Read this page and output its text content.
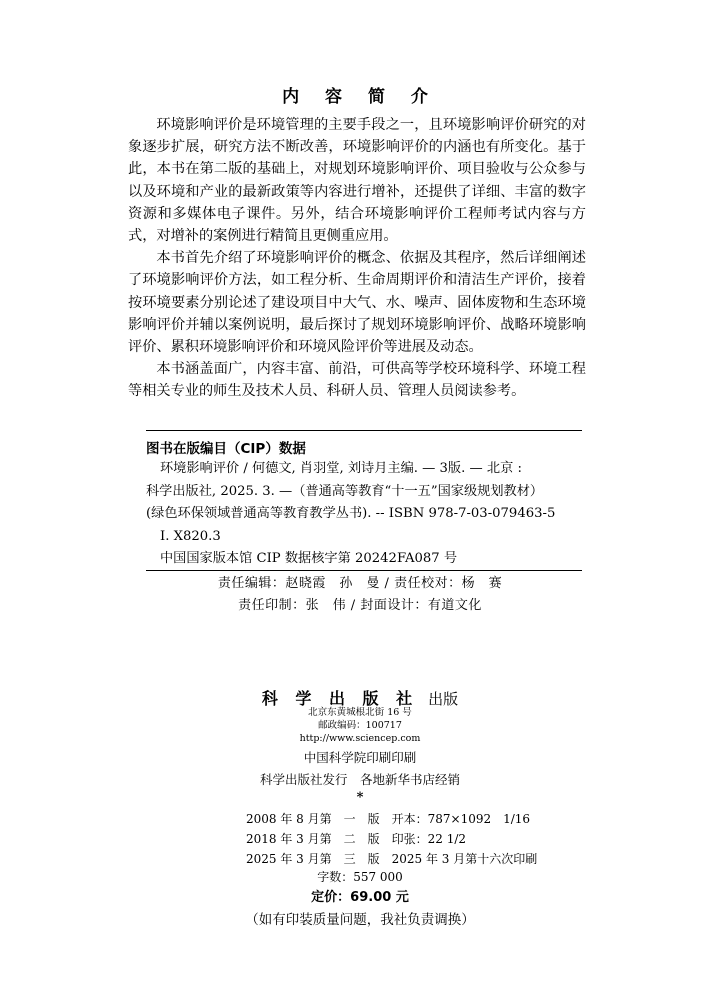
内 容 简 介

环境影响评价是环境管理的主要手段之一，且环境影响评价研究的对象逐步扩展，研究方法不断改善，环境影响评价的内涵也有所变化。基于此，本书在第二版的基础上，对规划环境影响评价、项目验收与公众参与以及环境和产业的最新政策等内容进行增补，还提供了详细、丰富的数字资源和多媒体电子课件。另外，结合环境影响评价工程师考试内容与方式，对增补的案例进行精简且更侧重应用。

本书首先介绍了环境影响评价的概念、依据及其程序，然后详细阐述了环境影响评价方法，如工程分析、生命周期评价和清洁生产评价，接着按环境要素分别论述了建设项目中大气、水、噪声、固体废物和生态环境影响评价并辅以案例说明，最后探讨了规划环境影响评价、战略环境影响评价、累积环境影响评价和环境风险评价等进展及动态。

本书涵盖面广，内容丰富、前沿，可供高等学校环境科学、环境工程等相关专业的师生及技术人员、科研人员、管理人员阅读参考。

图书在版编目（CIP）数据
环境影响评价 / 何德文, 肖羽堂, 刘诗月主编. — 3版. — 北京 :
科学出版社, 2025. 3. —（普通高等教育“十一五”国家级规划教材）
(绿色环保领域普通高等教育教学丛书). -- ISBN 978-7-03-079463-5
Ⅰ. X820.3
中国国家版本馆 CIP 数据核字第 20242FA087 号
责任编辑：赵晓霞　孙　曼 / 责任校对：杨　赛
责任印制：张　伟 / 封面设计：有道文化
科 学 出 版 社 出版
北京东黄城根北街 16 号
邮政编码：100717
http://www.sciencep.com
中国科学院印刷印刷
科学出版社发行　各地新华书店经销
*
2008 年 8 月第　一　版　开本：787×1092　1/16
2018 年 3 月第　二　版　印张：22 1/2
2025 年 3 月第　三　版　2025 年 3 月第十六次印刷
字数：557 000
定价：69.00 元
（如有印装质量问题，我社负责调换）
